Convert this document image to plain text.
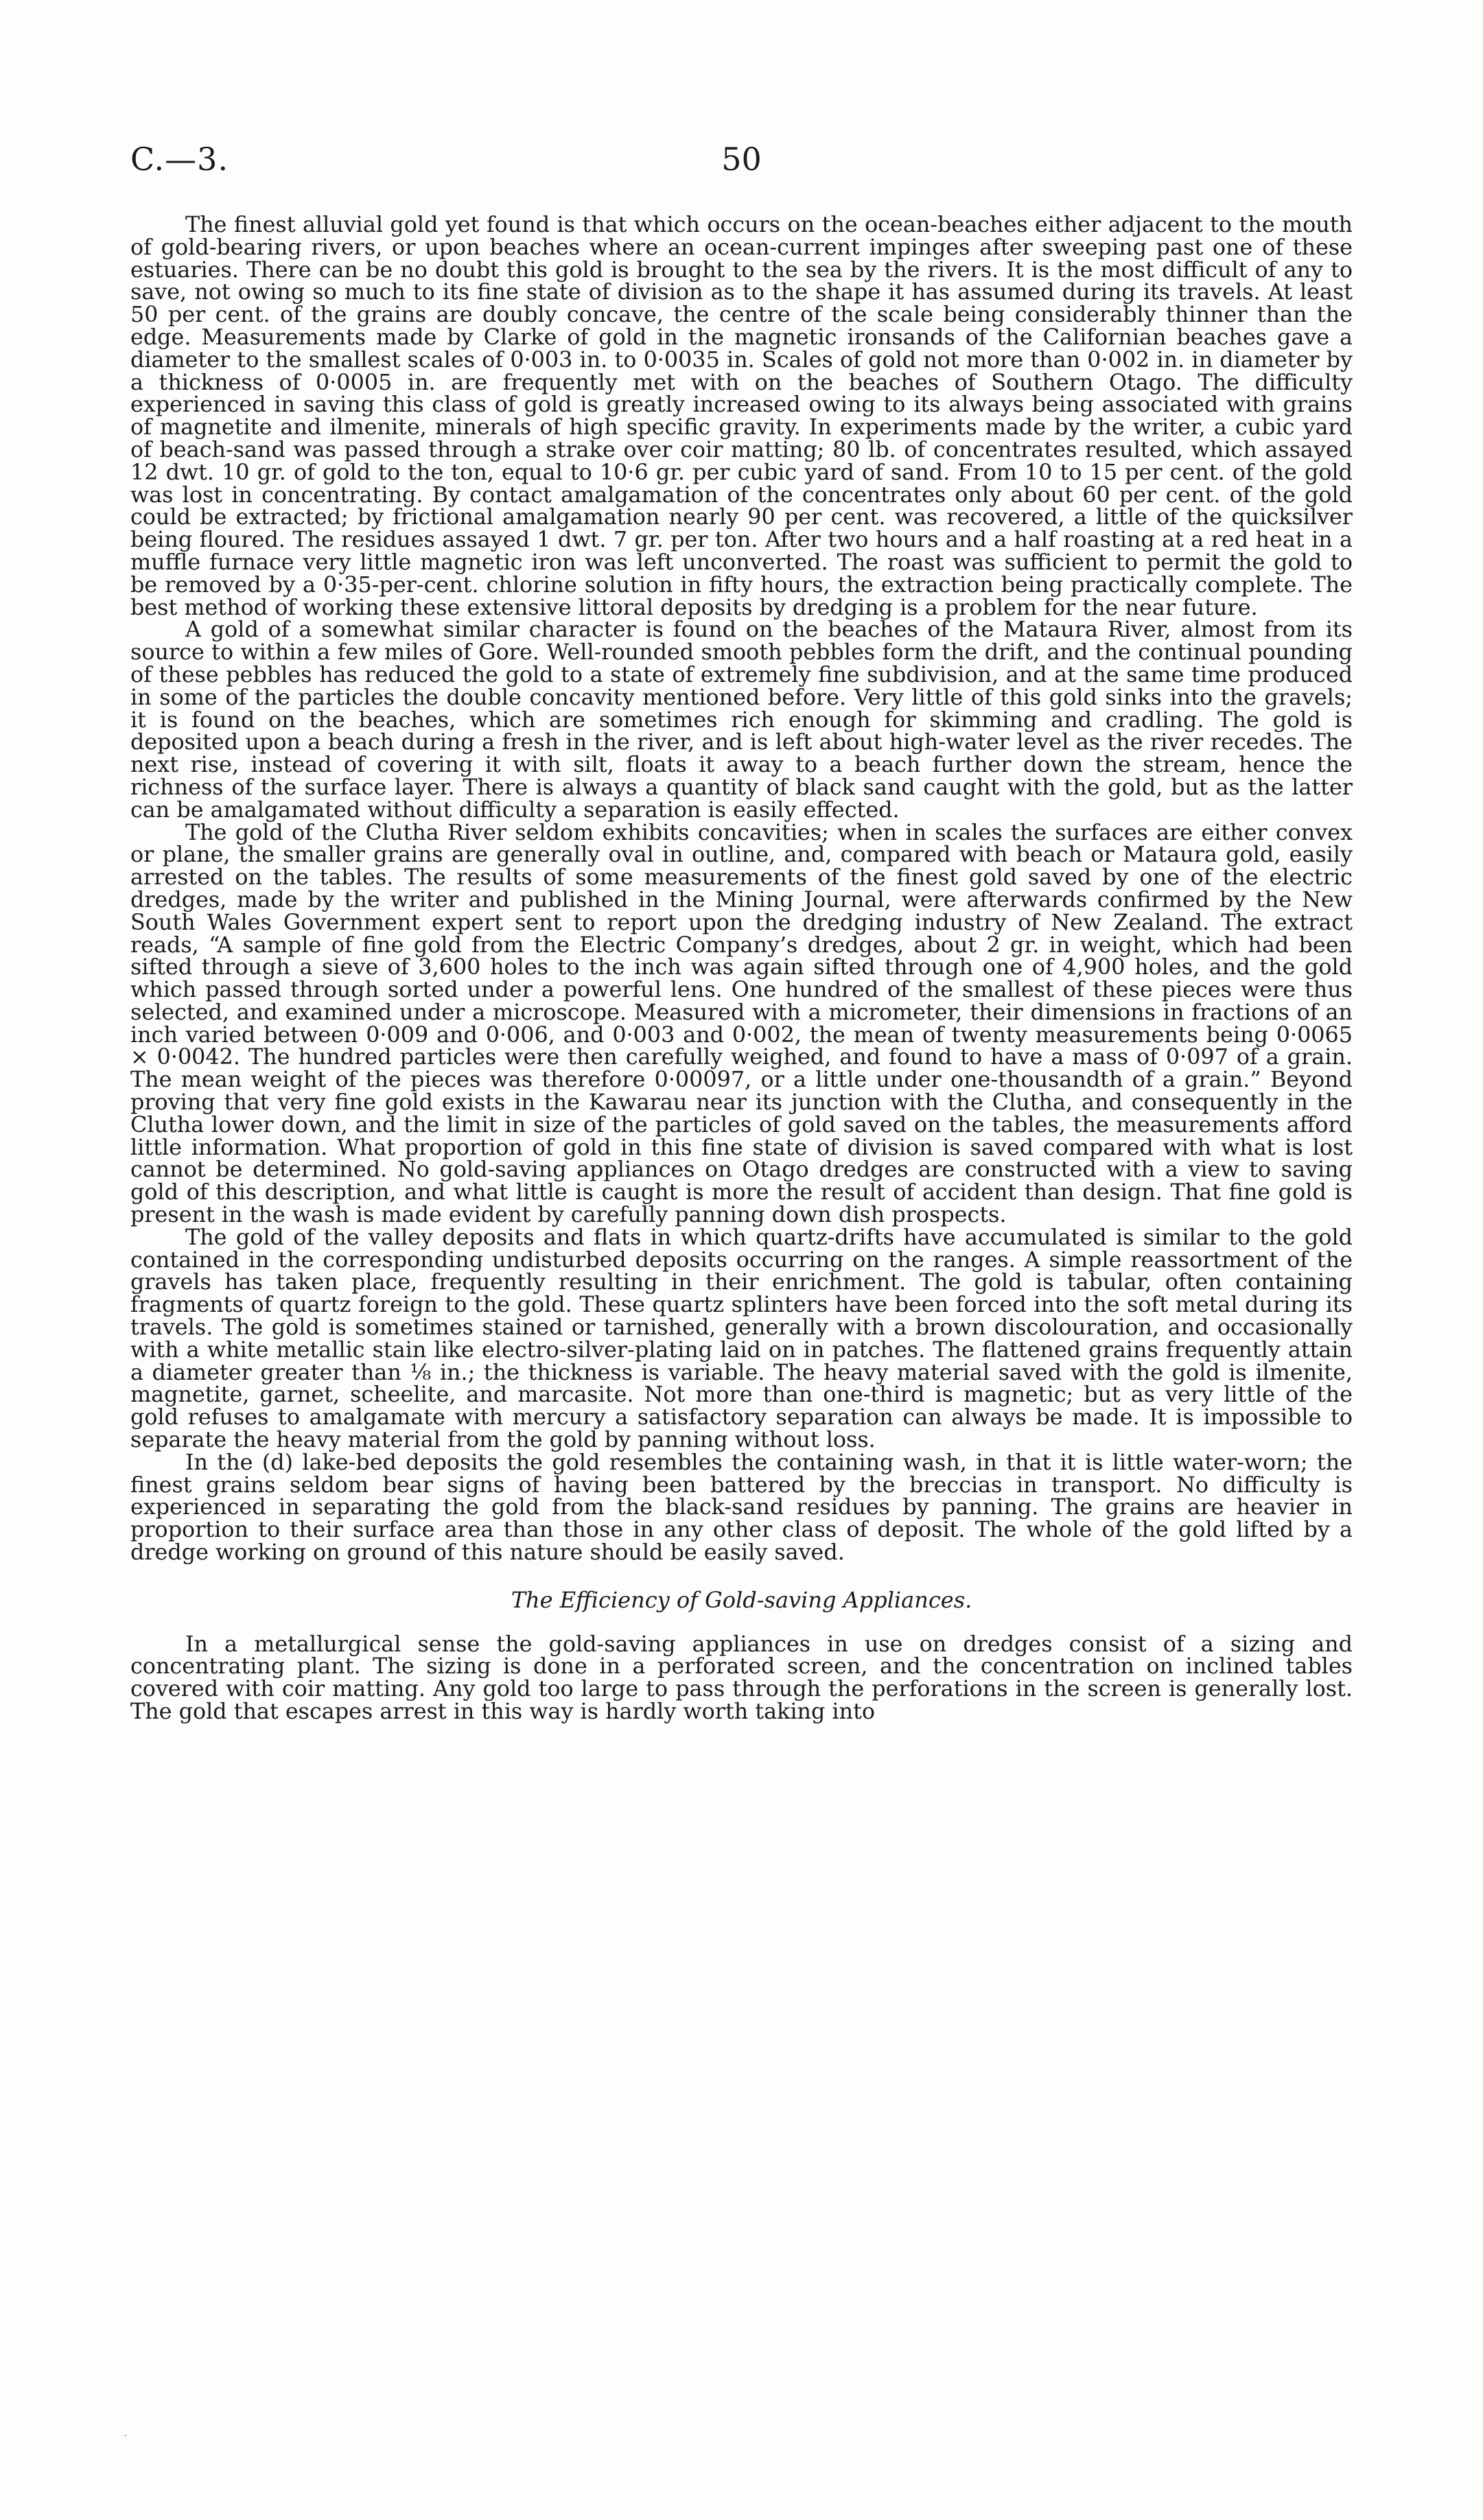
C.—3.	50

The finest alluvial gold yet found is that which occurs on the ocean-beaches either adjacent to the mouth of gold-bearing rivers, or upon beaches where an ocean-current impinges after sweeping past one of these estuaries. There can be no doubt this gold is brought to the sea by the rivers. It is the most difficult of any to save, not owing so much to its fine state of division as to the shape it has assumed during its travels. At least 50 per cent. of the grains are doubly concave, the centre of the scale being considerably thinner than the edge. Measurements made by Clarke of gold in the magnetic ironsands of the Californian beaches gave a diameter to the smallest scales of 0·003 in. to 0·0035 in. Scales of gold not more than 0·002 in. in diameter by a thickness of 0·0005 in. are frequently met with on the beaches of Southern Otago. The difficulty experienced in saving this class of gold is greatly increased owing to its always being associated with grains of magnetite and ilmenite, minerals of high specific gravity. In experiments made by the writer, a cubic yard of beach-sand was passed through a strake over coir matting; 80 lb. of concentrates resulted, which assayed 12 dwt. 10 gr. of gold to the ton, equal to 10·6 gr. per cubic yard of sand. From 10 to 15 per cent. of the gold was lost in concentrating. By contact amalgamation of the concentrates only about 60 per cent. of the gold could be extracted; by frictional amalgamation nearly 90 per cent. was recovered, a little of the quicksilver being floured. The residues assayed 1 dwt. 7 gr. per ton. After two hours and a half roasting at a red heat in a muffle furnace very little magnetic iron was left unconverted. The roast was sufficient to permit the gold to be removed by a 0·35-per-cent. chlorine solution in fifty hours, the extraction being practically complete. The best method of working these extensive littoral deposits by dredging is a problem for the near future.

A gold of a somewhat similar character is found on the beaches of the Mataura River, almost from its source to within a few miles of Gore. Well-rounded smooth pebbles form the drift, and the continual pounding of these pebbles has reduced the gold to a state of extremely fine subdivision, and at the same time produced in some of the particles the double concavity mentioned before. Very little of this gold sinks into the gravels; it is found on the beaches, which are sometimes rich enough for skimming and cradling. The gold is deposited upon a beach during a fresh in the river, and is left about high-water level as the river recedes. The next rise, instead of covering it with silt, floats it away to a beach further down the stream, hence the richness of the surface layer. There is always a quantity of black sand caught with the gold, but as the latter can be amalgamated without difficulty a separation is easily effected.

The gold of the Clutha River seldom exhibits concavities; when in scales the surfaces are either convex or plane, the smaller grains are generally oval in outline, and, compared with beach or Mataura gold, easily arrested on the tables. The results of some measurements of the finest gold saved by one of the electric dredges, made by the writer and published in the Mining Journal, were afterwards confirmed by the New South Wales Government expert sent to report upon the dredging industry of New Zealand. The extract reads, “A sample of fine gold from the Electric Company’s dredges, about 2 gr. in weight, which had been sifted through a sieve of 3,600 holes to the inch was again sifted through one of 4,900 holes, and the gold which passed through sorted under a powerful lens. One hundred of the smallest of these pieces were thus selected, and examined under a microscope. Measured with a micrometer, their dimensions in fractions of an inch varied between 0·009 and 0·006, and 0·003 and 0·002, the mean of twenty measurements being 0·0065 × 0·0042. The hundred particles were then carefully weighed, and found to have a mass of 0·097 of a grain. The mean weight of the pieces was therefore 0·00097, or a little under one-thousandth of a grain.” Beyond proving that very fine gold exists in the Kawarau near its junction with the Clutha, and consequently in the Clutha lower down, and the limit in size of the particles of gold saved on the tables, the measurements afford little information. What proportion of gold in this fine state of division is saved compared with what is lost cannot be determined. No gold-saving appliances on Otago dredges are constructed with a view to saving gold of this description, and what little is caught is more the result of accident than design. That fine gold is present in the wash is made evident by carefully panning down dish prospects.

The gold of the valley deposits and flats in which quartz-drifts have accumulated is similar to the gold contained in the corresponding undisturbed deposits occurring on the ranges. A simple reassortment of the gravels has taken place, frequently resulting in their enrichment. The gold is tabular, often containing fragments of quartz foreign to the gold. These quartz splinters have been forced into the soft metal during its travels. The gold is sometimes stained or tarnished, generally with a brown discolouration, and occasionally with a white metallic stain like electro-silver-plating laid on in patches. The flattened grains frequently attain a diameter greater than ⅛ in.; the thickness is variable. The heavy material saved with the gold is ilmenite, magnetite, garnet, scheelite, and marcasite. Not more than one-third is magnetic; but as very little of the gold refuses to amalgamate with mercury a satisfactory separation can always be made. It is impossible to separate the heavy material from the gold by panning without loss.

In the (d) lake-bed deposits the gold resembles the containing wash, in that it is little water-worn; the finest grains seldom bear signs of having been battered by the breccias in transport. No difficulty is experienced in separating the gold from the black-sand residues by panning. The grains are heavier in proportion to their surface area than those in any other class of deposit. The whole of the gold lifted by a dredge working on ground of this nature should be easily saved.

The Efficiency of Gold-saving Appliances.

In a metallurgical sense the gold-saving appliances in use on dredges consist of a sizing and concentrating plant. The sizing is done in a perforated screen, and the concentration on inclined tables covered with coir matting. Any gold too large to pass through the perforations in the screen is generally lost. The gold that escapes arrest in this way is hardly worth taking into

·
